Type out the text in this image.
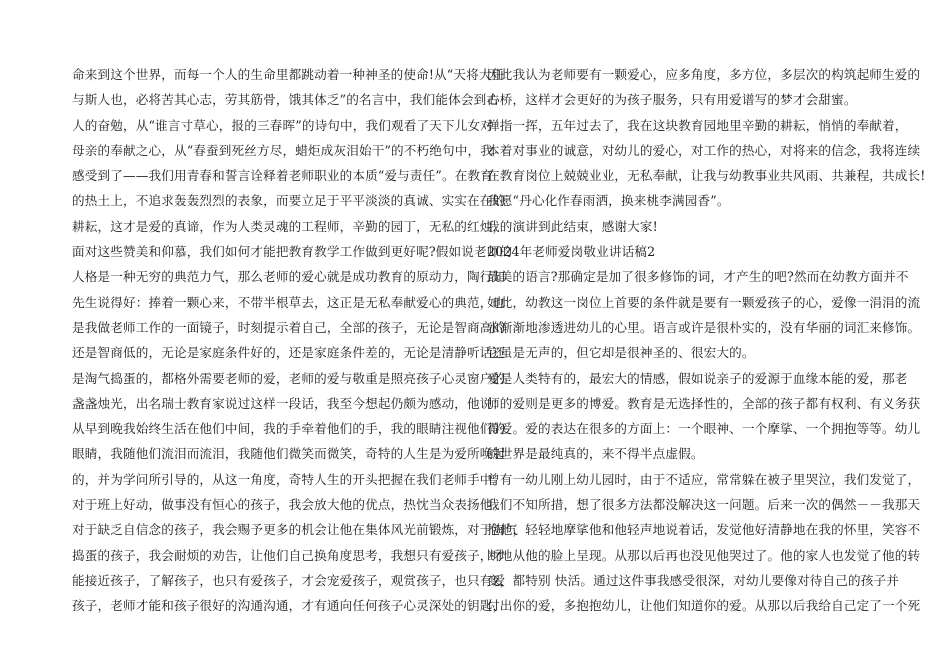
命来到这个世界，而每一个人的生命里都跳动着一种神圣的使命!从“天将大任
与斯人也，必将苦其心志，劳其筋骨，饿其体乏”的名言中，我们能体会到古
人的奋勉，从“谁言寸草心，报的三春晖”的诗句中，我们观看了天下儿女对
母亲的奉献之心，从“春蚕到死丝方尽，蜡炬成灰泪始干”的不朽绝句中，我
感受到了——我们用青春和誓言诠释着老师职业的本质“爱与责任”。在教育
的热土上，不追求轰轰烈烈的表象，而要立足于平平淡淡的真诚、实实在在的
耕耘，这才是爱的真谛，作为人类灵魂的工程师，辛勤的园丁，无私的红烛，
面对这些赞美和仰慕，我们如何才能把教育教学工作做到更好呢?假如说老师的
人格是一种无穷的典范力气，那么老师的爱心就是成功教育的原动力，陶行知
先生说得好：捧着一颗心来，不带半根草去，这正是无私奉献爱心的典范，也
是我做老师工作的一面镜子，时刻提示着自己，全部的孩子，无论是智商高的
还是智商低的，无论是家庭条件好的，还是家庭条件差的，无论是清静听话还
是淘气捣蛋的，都格外需要老师的爱，老师的爱与敬重是照亮孩子心灵窗户的
盏盏烛光，出名瑞士教育家说过这样一段话，我至今想起仍颇为感动，他说：
从早到晚我始终生活在他们中间，我的手牵着他们的手，我的眼睛注视他们的
眼睛，我随他们流泪而流泪，我随他们微笑而微笑，奇特的人生是为爱所唤起
的，并为学问所引导的，从这一角度，奇特人生的开头把握在我们老师手中。
对于班上好动，做事没有恒心的孩子，我会放大他的优点，热忱当众表扬他。
对于缺乏自信念的孩子，我会赐予更多的机会让他在集体风光前锻炼，对于淘气
捣蛋的孩子，我会耐烦的劝告，让他们自己换角度思考，我想只有爱孩子，才
能接近孩子，了解孩子，也只有爱孩子，才会宠爱孩子，观赏孩子，也只有爱
孩子，老师才能和孩子很好的沟通沟通，才有通向任何孩子心灵深处的钥匙，
因此我认为老师要有一颗爱心，应多角度，多方位，多层次的构筑起师生爱的
心桥，这样才会更好的为孩子服务，只有用爱谱写的梦才会甜蜜。
弹指一挥，五年过去了，我在这块教育园地里辛勤的耕耘，悄悄的奉献着，
本着对事业的诚意，对幼儿的爱心，对工作的热心，对将来的信念，我将连续
在教育岗位上兢兢业业，无私奉献，让我与幼教事业共风雨、共兼程，共成长!
我愿“丹心化作春雨洒，换来桃李满园香”。
我的演讲到此结束，感谢大家!
2024年老师爱岗敬业讲话稿2
最美的语言?那确定是加了很多修饰的词，才产生的吧?然而在幼教方面并不
如此，幼教这一岗位上首要的条件就是要有一颗爱孩子的心，爱像一涓涓的流
水渐渐地渗透进幼儿的心里。语言或许是很朴实的，没有华丽的词汇来修饰。
它虽是无声的，但它却是很神圣的、很宏大的。
爱是人类特有的，最宏大的情感，假如说亲子的爱源于血缘本能的爱，那老
师的爱则是更多的博爱。教育是无选择性的，全部的孩子都有权利、有义务获
得爱。爱的表达在很多的方面上：一个眼神、一个摩挲、一个拥抱等等。幼儿
的世界是最纯真的，来不得半点虚假。
曾有一幼儿刚上幼儿园时，由于不适应，常常躲在被子里哭泣，我们发觉了，
我们不知所措，想了很多方法都没解决这一问题。后来一次的偶然－－我那天
抱他，轻轻地摩挲他和他轻声地说着话，发觉他好清静地在我的怀里，笑容不
断地从他的脸上呈现。从那以后再也没见他哭过了。他的家人也发觉了他的转
变，都特别 快活。通过这件事我感受很深，对幼儿要像对待自己的孩子并
付出你的爱，多抱抱幼儿，让他们知道你的爱。从那以后我给自己定了一个死
